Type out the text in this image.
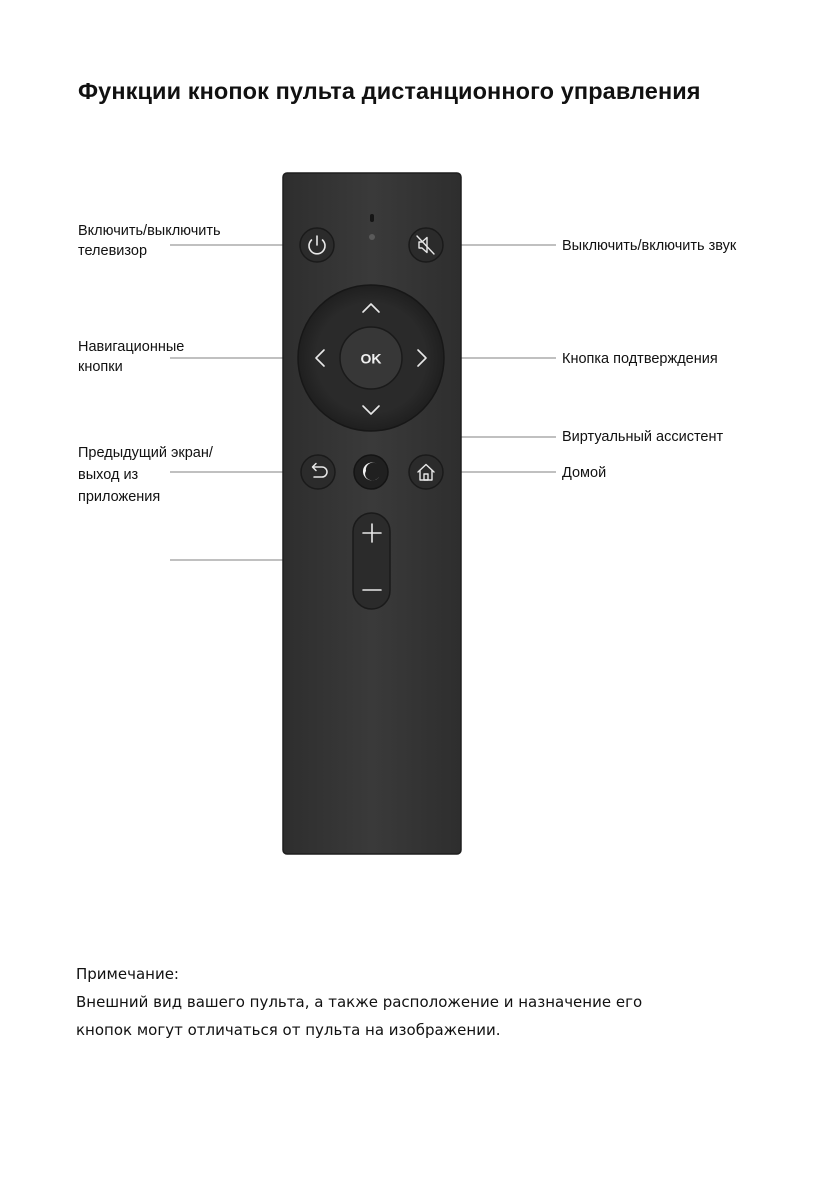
Функции кнопок пульта дистанционного управления
Включить/выключить
телевизор
Навигационные
кнопки
Предыдущий экран/
выход из
приложения
Выключить/включить звук
Кнопка подтверждения
Виртуальный ассистент
Домой
OK
Примечание:
Внешний вид вашего пульта, а также расположение и назначение его
кнопок могут отличаться от пульта на изображении.
